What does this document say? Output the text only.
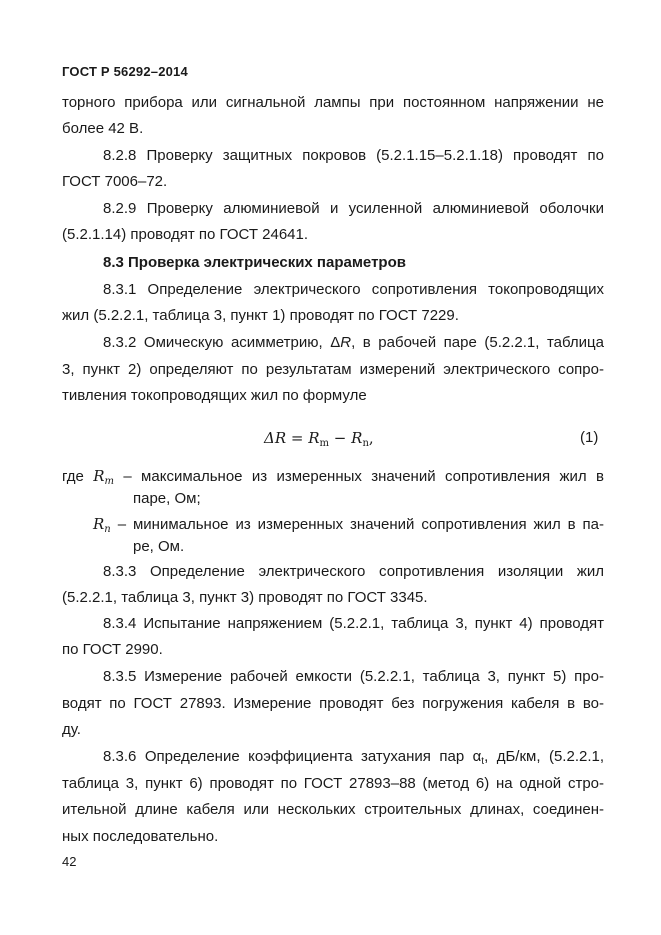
ГОСТ Р 56292–2014
торного прибора или сигнальной лампы при постоянном напряжении не
более 42 В.
8.2.8 Проверку защитных покровов (5.2.1.15–5.2.1.18) проводят по
ГОСТ 7006–72.
8.2.9 Проверку алюминиевой и усиленной алюминиевой оболочки
(5.2.1.14) проводят по ГОСТ 24641.
8.3 Проверка электрических параметров
8.3.1 Определение электрического сопротивления токопроводящих
жил (5.2.2.1, таблица 3, пункт 1) проводят по ГОСТ 7229.
8.3.2 Омическую асимметрию, ΔR, в рабочей паре (5.2.2.1, таблица
3, пункт 2) определяют по результатам измерений электрического сопро-
тивления токопроводящих жил по формуле
$\Delta R = R_m - R_n$,	(1)
где $R_m$ – максимальное из измеренных значений сопротивления жил в
паре, Ом;
$R_n$ – минимальное из измеренных значений сопротивления жил в па-
ре, Ом.
8.3.3 Определение электрического сопротивления изоляции жил
(5.2.2.1, таблица 3, пункт 3) проводят по ГОСТ 3345.
8.3.4 Испытание напряжением (5.2.2.1, таблица 3, пункт 4) проводят
по ГОСТ 2990.
8.3.5 Измерение рабочей емкости (5.2.2.1, таблица 3, пункт 5) про-
водят по ГОСТ 27893. Измерение проводят без погружения кабеля в во-
ду.
8.3.6 Определение коэффициента затухания пар $\alpha_t$, дБ/км, (5.2.2.1,
таблица 3, пункт 6) проводят по ГОСТ 27893–88 (метод 6) на одной стро-
ительной длине кабеля или нескольких строительных длинах, соединен-
ных последовательно.
42
